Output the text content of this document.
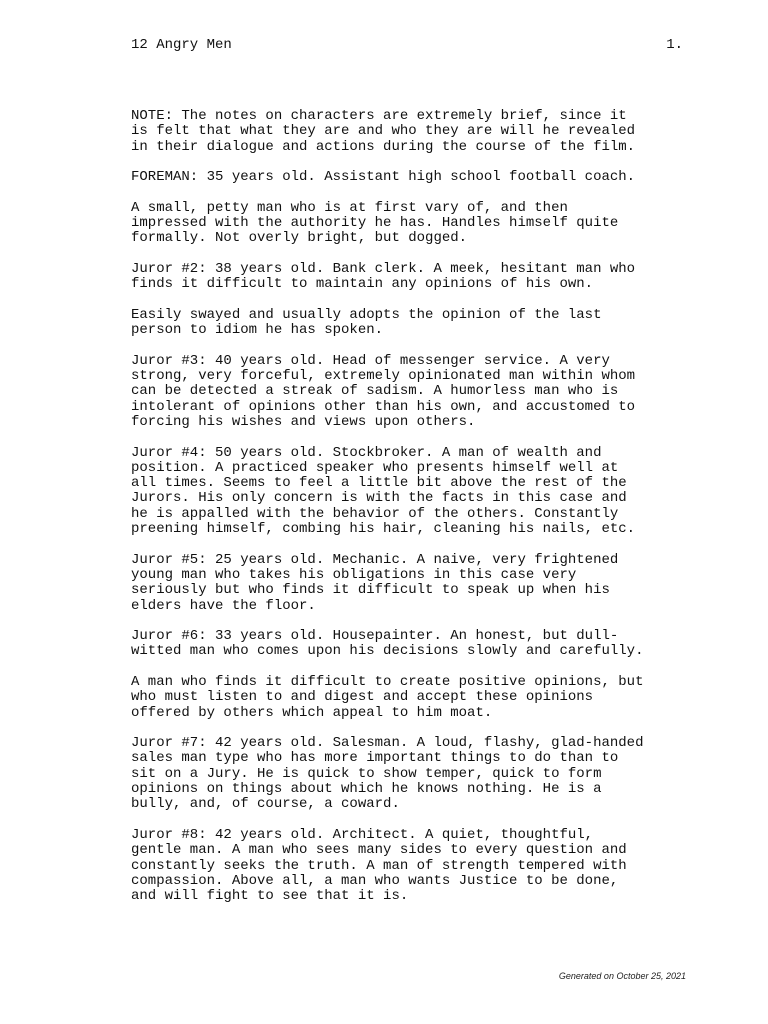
12 Angry Men	1.

NOTE: The notes on characters are extremely brief, since it
is felt that what they are and who they are will he revealed
in their dialogue and actions during the course of the film.

FOREMAN: 35 years old. Assistant high school football coach.

A small, petty man who is at first vary of, and then
impressed with the authority he has. Handles himself quite
formally. Not overly bright, but dogged.

Juror #2: 38 years old. Bank clerk. A meek, hesitant man who
finds it difficult to maintain any opinions of his own.

Easily swayed and usually adopts the opinion of the last
person to idiom he has spoken.

Juror #3: 40 years old. Head of messenger service. A very
strong, very forceful, extremely opinionated man within whom
can be detected a streak of sadism. A humorless man who is
intolerant of opinions other than his own, and accustomed to
forcing his wishes and views upon others.

Juror #4: 50 years old. Stockbroker. A man of wealth and
position. A practiced speaker who presents himself well at
all times. Seems to feel a little bit above the rest of the
Jurors. His only concern is with the facts in this case and
he is appalled with the behavior of the others. Constantly
preening himself, combing his hair, cleaning his nails, etc.

Juror #5: 25 years old. Mechanic. A naive, very frightened
young man who takes his obligations in this case very
seriously but who finds it difficult to speak up when his
elders have the floor.

Juror #6: 33 years old. Housepainter. An honest, but dull-
witted man who comes upon his decisions slowly and carefully.

A man who finds it difficult to create positive opinions, but
who must listen to and digest and accept these opinions
offered by others which appeal to him moat.

Juror #7: 42 years old. Salesman. A loud, flashy, glad-handed
sales man type who has more important things to do than to
sit on a Jury. He is quick to show temper, quick to form
opinions on things about which he knows nothing. He is a
bully, and, of course, a coward.

Juror #8: 42 years old. Architect. A quiet, thoughtful,
gentle man. A man who sees many sides to every question and
constantly seeks the truth. A man of strength tempered with
compassion. Above all, a man who wants Justice to be done,
and will fight to see that it is.

Generated on October 25, 2021
